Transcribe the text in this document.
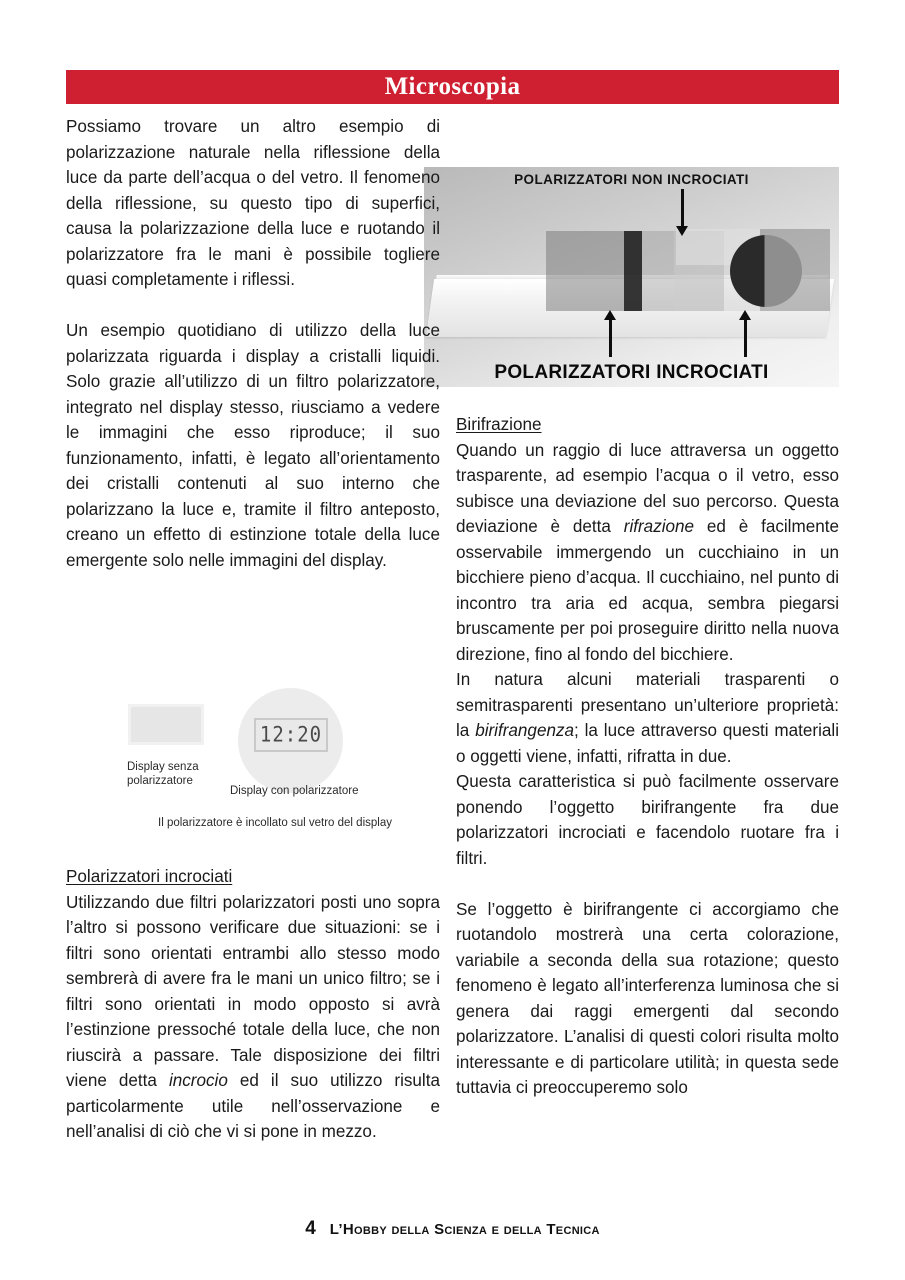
Microscopia
POLARIZZATORI NON INCROCIATI
POLARIZZATORI INCROCIATI

Possiamo trovare un altro esempio di polarizzazione naturale nella riflessione della luce da parte dell’acqua o del vetro. Il fenomeno della riflessione, su questo tipo di superfici, causa la polarizzazione della luce e ruotando il polarizzatore fra le mani è possibile togliere quasi completamente i riflessi.

Un esempio quotidiano di utilizzo della luce polarizzata riguarda i display a cristalli liquidi. Solo grazie all’utilizzo di un filtro polarizzatore, integrato nel display stesso, riusciamo a vedere le immagini che esso riproduce; il suo funzionamento, infatti, è legato all’orientamento dei cristalli contenuti al suo interno che polarizzano la luce e, tramite il filtro anteposto, creano un effetto di estinzione totale della luce emergente solo nelle immagini del display.

12:20
Display senza polarizzatore
Display con polarizzatore
Il polarizzatore è incollato sul vetro del display
Polarizzatori incrociati

Utilizzando due filtri polarizzatori posti uno sopra l’altro si possono verificare due situazioni: se i filtri sono orientati entrambi allo stesso modo sembrerà di avere fra le mani un unico filtro; se i filtri sono orientati in modo opposto si avrà l’estinzione pressoché totale della luce, che non riuscirà a passare. Tale disposizione dei filtri viene detta incrocio ed il suo utilizzo risulta particolarmente utile nell’osservazione e nell’analisi di ciò che vi si pone in mezzo.

Birifrazione

Quando un raggio di luce attraversa un oggetto trasparente, ad esempio l’acqua o il vetro, esso subisce una deviazione del suo percorso. Questa deviazione è detta rifrazione ed è facilmente osservabile immergendo un cucchiaino in un bicchiere pieno d’acqua. Il cucchiaino, nel punto di incontro tra aria ed acqua, sembra piegarsi bruscamente per poi proseguire diritto nella nuova direzione, fino al fondo del bicchiere.

In natura alcuni materiali trasparenti o semitrasparenti presentano un’ulteriore proprietà: la birifrangenza; la luce attraverso questi materiali o oggetti viene, infatti, rifratta in due.

Questa caratteristica si può facilmente osservare ponendo l’oggetto birifrangente fra due polarizzatori incrociati e facendolo ruotare fra i filtri.

Se l’oggetto è birifrangente ci accorgiamo che ruotandolo mostrerà una certa colorazione, variabile a seconda della sua rotazione; questo fenomeno è legato all’interferenza luminosa che si genera dai raggi emergenti dal secondo polarizzatore. L’analisi di questi colori risulta molto interessante e di particolare utilità; in questa sede tuttavia ci preoccuperemo solo

4 L’Hobby della Scienza e della Tecnica
